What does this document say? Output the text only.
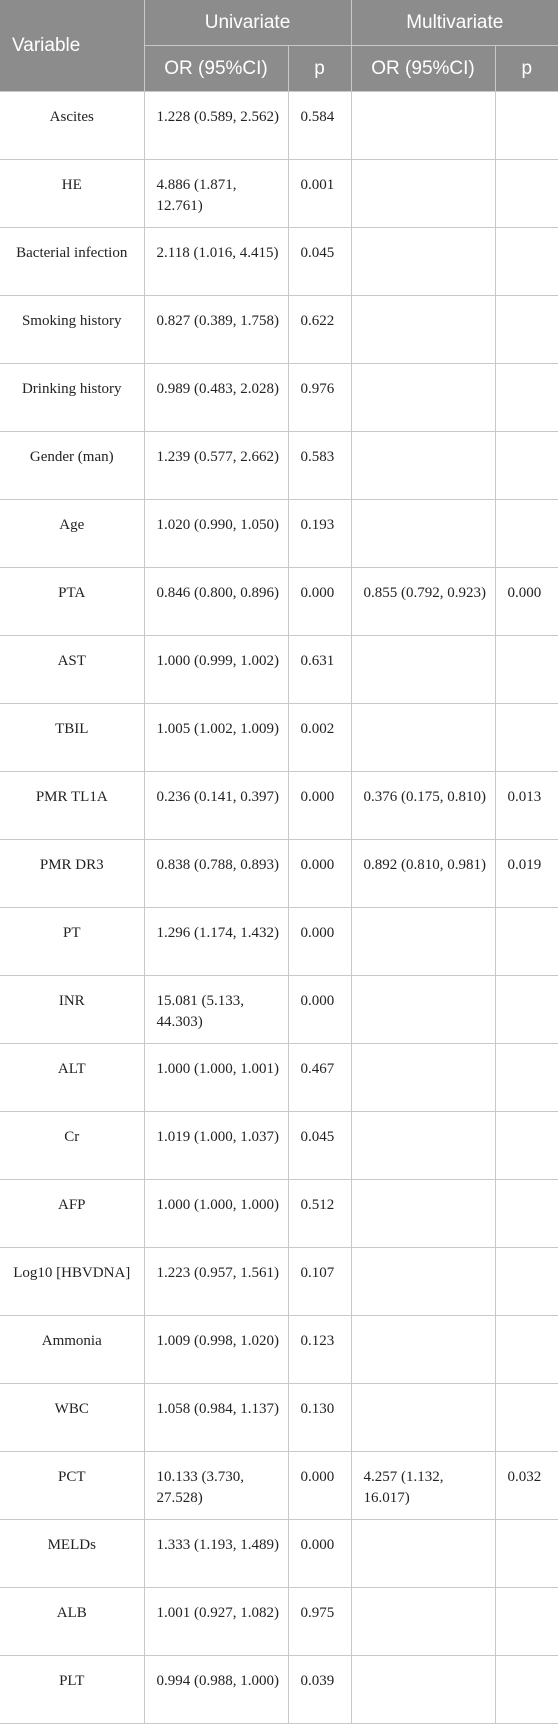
Variable	Univariate		Multivariate	
	OR (95%CI)	p	OR (95%CI)	p
Ascites	1.228 (0.589, 2.562)	0.584		
HE	4.886 (1.871, 12.761)	0.001		
Bacterial infection	2.118 (1.016, 4.415)	0.045		
Smoking history	0.827 (0.389, 1.758)	0.622		
Drinking history	0.989 (0.483, 2.028)	0.976		
Gender (man)	1.239 (0.577, 2.662)	0.583		
Age	1.020 (0.990, 1.050)	0.193		
PTA	0.846 (0.800, 0.896)	0.000	0.855 (0.792, 0.923)	0.000
AST	1.000 (0.999, 1.002)	0.631		
TBIL	1.005 (1.002, 1.009)	0.002		
PMR TL1A	0.236 (0.141, 0.397)	0.000	0.376 (0.175, 0.810)	0.013
PMR DR3	0.838 (0.788, 0.893)	0.000	0.892 (0.810, 0.981)	0.019
PT	1.296 (1.174, 1.432)	0.000		
INR	15.081 (5.133, 44.303)	0.000		
ALT	1.000 (1.000, 1.001)	0.467		
Cr	1.019 (1.000, 1.037)	0.045		
AFP	1.000 (1.000, 1.000)	0.512		
Log10 [HBVDNA]	1.223 (0.957, 1.561)	0.107		
Ammonia	1.009 (0.998, 1.020)	0.123		
WBC	1.058 (0.984, 1.137)	0.130		
PCT	10.133 (3.730, 27.528)	0.000	4.257 (1.132, 16.017)	0.032
MELDs	1.333 (1.193, 1.489)	0.000		
ALB	1.001 (0.927, 1.082)	0.975		
PLT	0.994 (0.988, 1.000)	0.039		
